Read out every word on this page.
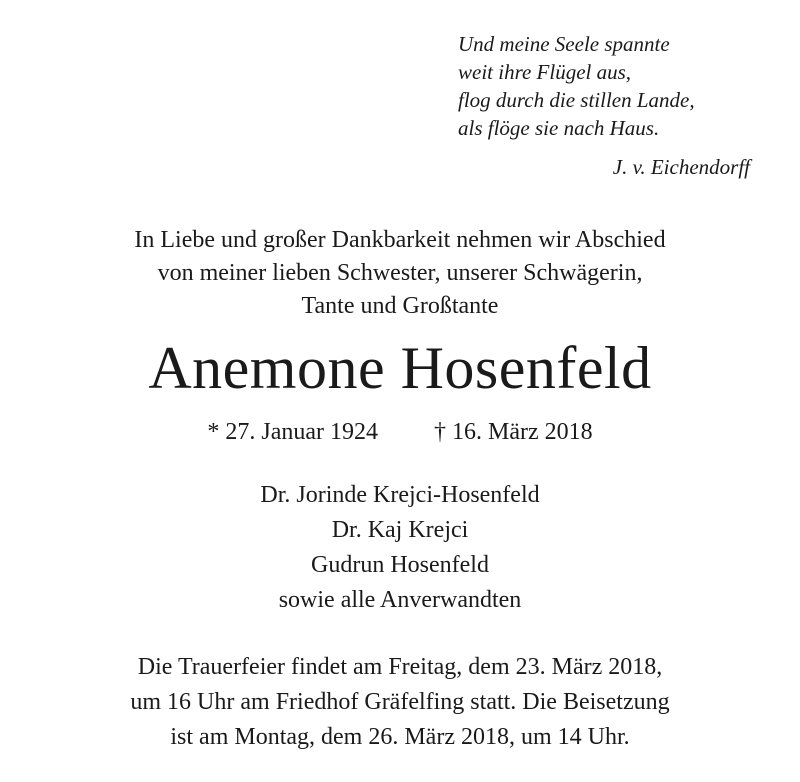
Und meine Seele spannte
weit ihre Flügel aus,
flog durch die stillen Lande,
als flöge sie nach Haus.
J. v. Eichendorff
In Liebe und großer Dankbarkeit nehmen wir Abschied
von meiner lieben Schwester, unserer Schwägerin,
Tante und Großtante
Anemone Hosenfeld
* 27. Januar 1924 † 16. März 2018
Dr. Jorinde Krejci-Hosenfeld
Dr. Kaj Krejci
Gudrun Hosenfeld
sowie alle Anverwandten
Die Trauerfeier findet am Freitag, dem 23. März 2018,
um 16 Uhr am Friedhof Gräfelfing statt. Die Beisetzung
ist am Montag, dem 26. März 2018, um 14 Uhr.
